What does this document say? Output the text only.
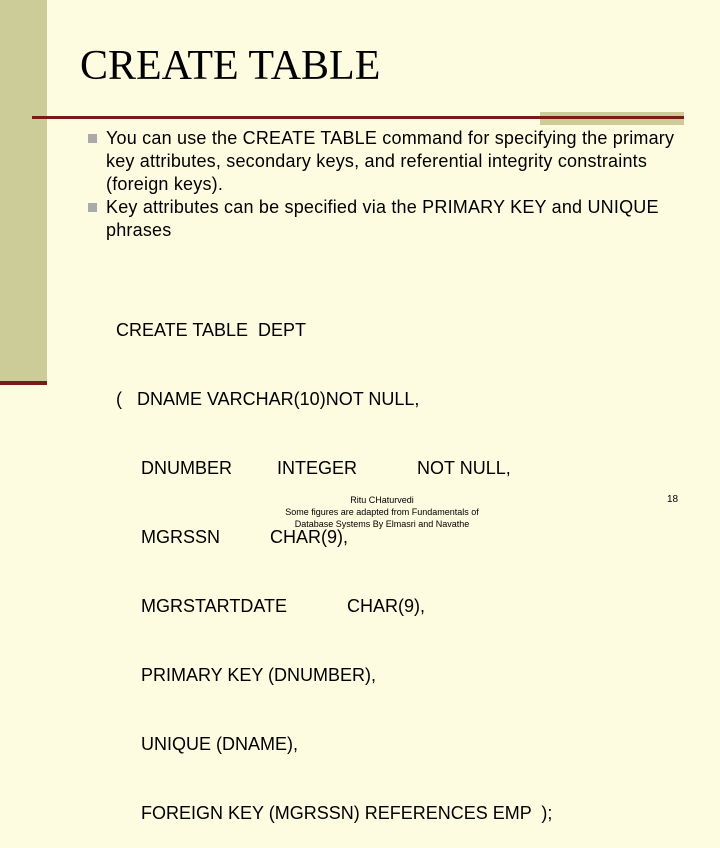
CREATE TABLE
You can use the CREATE TABLE command for specifying the primary key attributes, secondary keys, and referential integrity constraints (foreign keys).
Key attributes can be specified via the PRIMARY KEY and UNIQUE phrases

CREATE TABLE  DEPT

(   DNAME VARCHAR(10)NOT NULL,

DNUMBER         INTEGER            NOT NULL,

MGRSSN          CHAR(9),

MGRSTARTDATE            CHAR(9),

PRIMARY KEY (DNUMBER),

UNIQUE (DNAME),

FOREIGN KEY (MGRSSN) REFERENCES EMP  );

Ritu CHaturvedi
Some figures are adapted from Fundamentals of
Database Systems By Elmasri and Navathe
18
